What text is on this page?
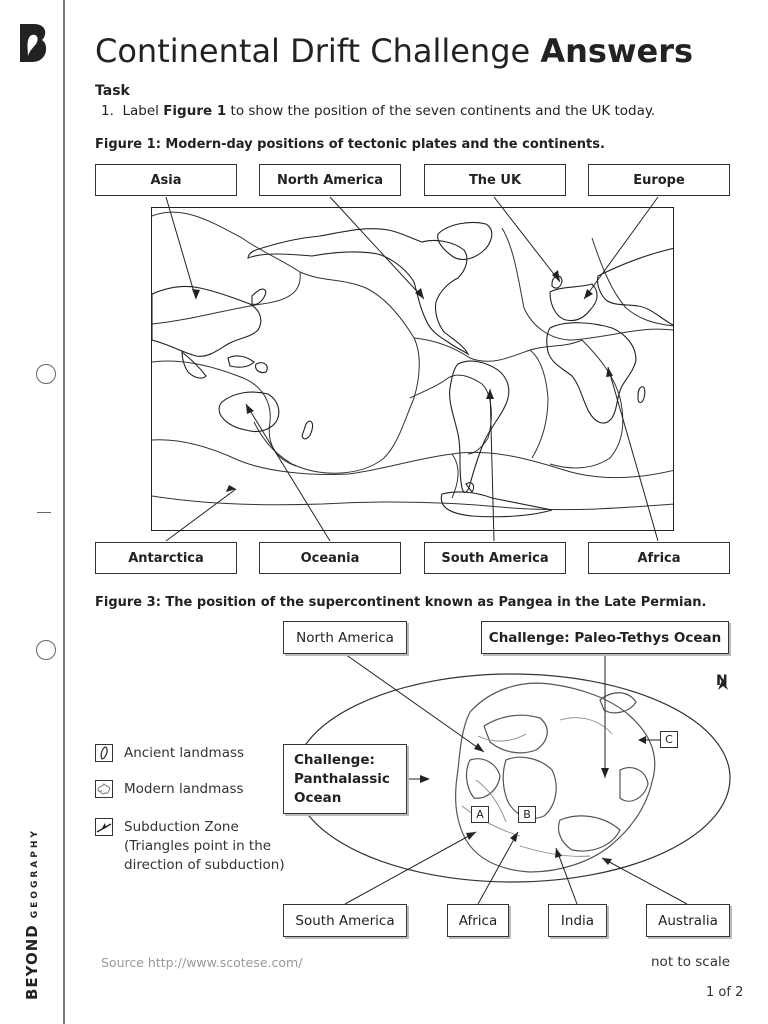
BEYONDGEOGRAPHY
Continental Drift Challenge Answers
Task
1. Label Figure 1 to show the position of the seven continents and the UK today.
Figure 1: Modern-day positions of tectonic plates and the continents.
Asia	North America	The UK	Europe
Antarctica	Oceania	South America	Africa
Figure 3: The position of the supercontinent known as Pangea in the Late Permian.
N
North America	Challenge: Paleo-Tethys Ocean
Challenge: Panthalassic Ocean
A	B
C
South America	Africa	India	Australia
Ancient landmass
Modern landmass
Subduction Zone (Triangles point in the direction of subduction)
Source http://www.scotese.com/	not to scale
1 of 2
